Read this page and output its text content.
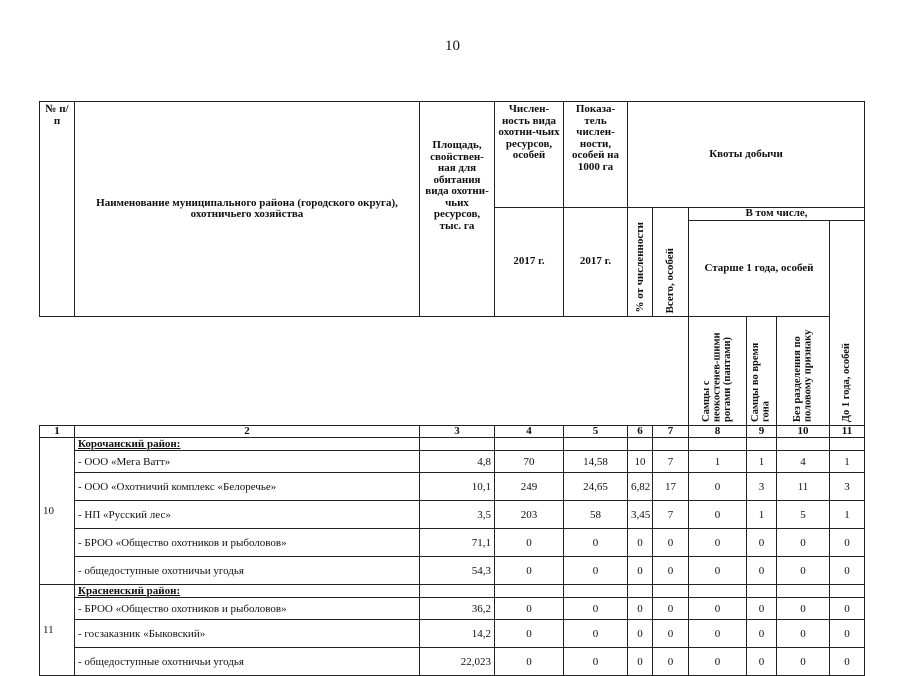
10
№ п/п	Наименование муниципального района (городского округа), охотничьего хозяйства	Площадь, свойствен-ная для обитания вида охотни-чьих ресурсов, тыс. га	Числен-ность вида охотни-чьих ресурсов, особей	Показа-тель числен-ности, особей на 1000 га	Квоты добычи					
			2017 г.	2017 г.	% от численности	Всего, особей	В том числе,			
							Старше 1 года, особей			До 1 года, особей

							Самцы с неокостенев-шими рогами (пантами)	Самцы во время гона	Без разделения по половому признаку	

1	2	3	4	5	6	7	8	9	10	11
10	Корочанский район:									
	- ООО «Мега Ватт»	4,8	70	14,58	10	7	1	1	4	1
	- ООО «Охотничий комплекс «Белоречье»	10,1	249	24,65	6,82	17	0	3	11	3
	- НП «Русский лес»	3,5	203	58	3,45	7	0	1	5	1
	- БРОО «Общество охотников и рыболовов»	71,1	0	0	0	0	0	0	0	0
	- общедоступные охотничьи угодья	54,3	0	0	0	0	0	0	0	0
11	Красненский район:									
	- БРОО «Общество охотников и рыболовов»	36,2	0	0	0	0	0	0	0	0
	- госзаказник «Быковский»	14,2	0	0	0	0	0	0	0	0
	- общедоступные охотничьи угодья	22,023	0	0	0	0	0	0	0	0
